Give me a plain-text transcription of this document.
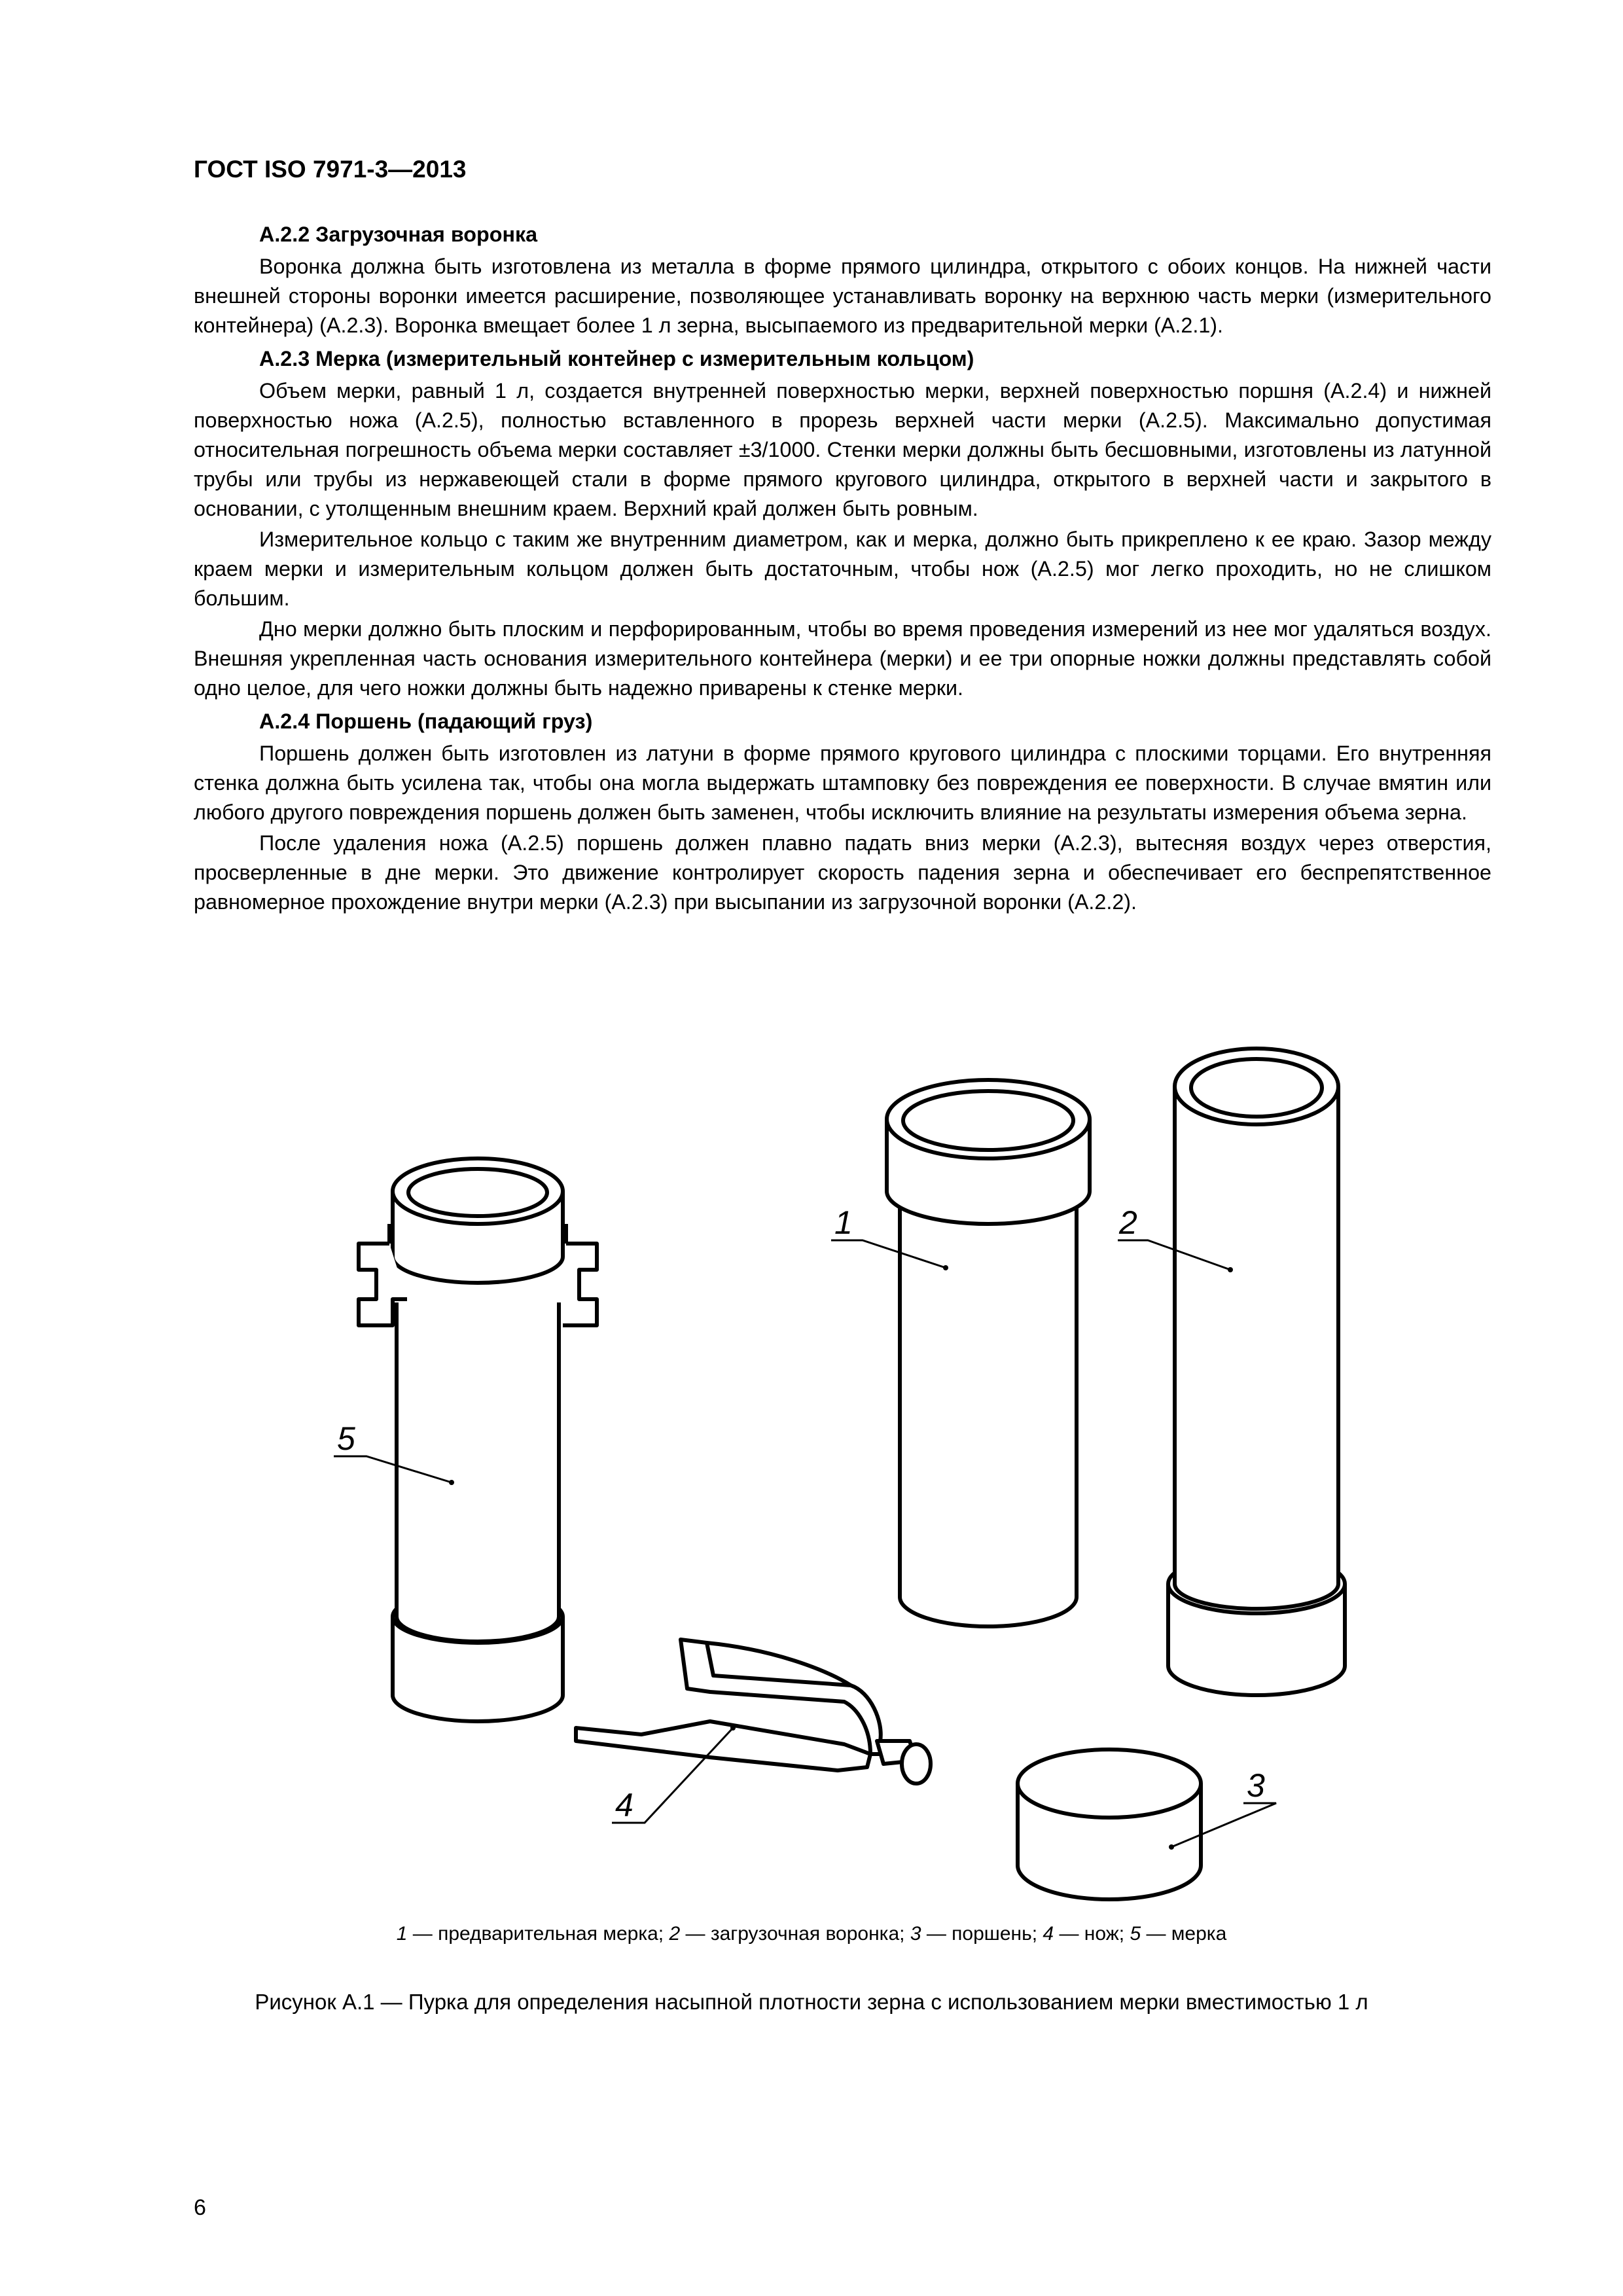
ГОСТ ISO 7971-3—2013
А.2.2 Загрузочная воронка

Воронка должна быть изготовлена из металла в форме прямого цилиндра, открытого с обоих концов. На нижней части внешней стороны воронки имеется расширение, позволяющее устанавливать воронку на верхнюю часть мерки (измерительного контейнера) (А.2.3). Воронка вмещает более 1 л зерна, высыпаемого из предварительной мерки (А.2.1).

А.2.3 Мерка (измерительный контейнер с измерительным кольцом)

Объем мерки, равный 1 л, создается внутренней поверхностью мерки, верхней поверхностью поршня (А.2.4) и нижней поверхностью ножа (А.2.5), полностью вставленного в прорезь верхней части мерки (А.2.5). Максимально допустимая относительная погрешность объема мерки составляет ±3/1000. Стенки мерки должны быть бесшовными, изготовлены из латунной трубы или трубы из нержавеющей стали в форме прямого кругового цилиндра, открытого в верхней части и закрытого в основании, с утолщенным внешним краем. Верхний край должен быть ровным.

Измерительное кольцо с таким же внутренним диаметром, как и мерка, должно быть прикреплено к ее краю. Зазор между краем мерки и измерительным кольцом должен быть достаточным, чтобы нож (А.2.5) мог легко проходить, но не слишком большим.

Дно мерки должно быть плоским и перфорированным, чтобы во время проведения измерений из нее мог удаляться воздух. Внешняя укрепленная часть основания измерительного контейнера (мерки) и ее три опорные ножки должны представлять собой одно целое, для чего ножки должны быть надежно приварены к стенке мерки.

А.2.4 Поршень (падающий груз)

Поршень должен быть изготовлен из латуни в форме прямого кругового цилиндра с плоскими торцами. Его внутренняя стенка должна быть усилена так, чтобы она могла выдержать штамповку без повреждения ее поверхности. В случае вмятин или любого другого повреждения поршень должен быть заменен, чтобы исключить влияние на результаты измерения объема зерна.

После удаления ножа (А.2.5) поршень должен плавно падать вниз мерки (А.2.3), вытесняя воздух через отверстия, просверленные в дне мерки. Это движение контролирует скорость падения зерна и обеспечивает его беспрепятственное равномерное прохождение внутри мерки (А.2.3) при высыпании из загрузочной воронки (А.2.2).

1	2
3
4
5
1 — предварительная мерка; 2 — загрузочная воронка; 3 — поршень; 4 — нож; 5 — мерка
Рисунок А.1 — Пурка для определения насыпной плотности зерна с использованием мерки вместимостью 1 л
6
